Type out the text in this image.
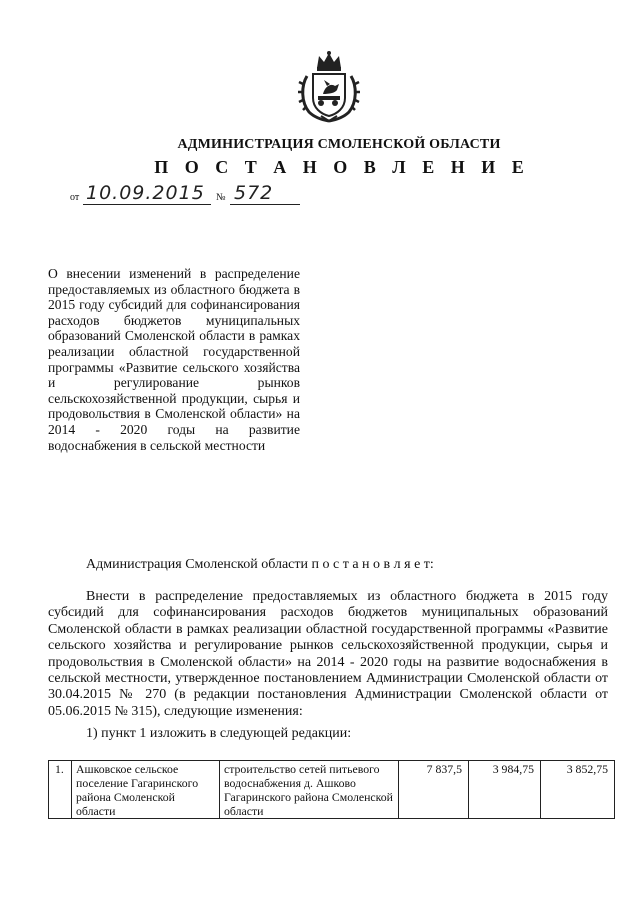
АДМИНИСТРАЦИЯ СМОЛЕНСКОЙ ОБЛАСТИ
П О С Т А Н О В Л Е Н И Е
от 10.09.2015 № 572
О внесении изменений в распределение предоставляемых из областного бюджета в 2015 году субсидий для софинансирования расходов бюджетов муниципальных образований Смоленской области в рамках реализации областной государственной программы «Развитие сельского хозяйства и регулирование рынков сельскохозяйственной продукции, сырья и продовольствия в Смоленской области» на 2014 - 2020 годы на развитие водоснабжения в сельской местности
Администрация Смоленской области п о с т а н о в л я е т:

Внести в распределение предоставляемых из областного бюджета в 2015 году субсидий для софинансирования расходов бюджетов муниципальных образований Смоленской области в рамках реализации областной государственной программы «Развитие сельского хозяйства и регулирование рынков сельскохозяйственной продукции, сырья и продовольствия в Смоленской области» на 2014 - 2020 годы на развитие водоснабжения в сельской местности, утвержденное постановлением Администрации Смоленской области от 30.04.2015 № 270 (в редакции постановления Администрации Смоленской области от 05.06.2015 № 315), следующие изменения:

1) пункт 1 изложить в следующей редакции:
1.	Ашковское сельское поселение Гагаринского района Смоленской области	строительство сетей питьевого водоснабжения д. Ашково Гагаринского района Смоленской области	7 837,5	3 984,75	3 852,75
